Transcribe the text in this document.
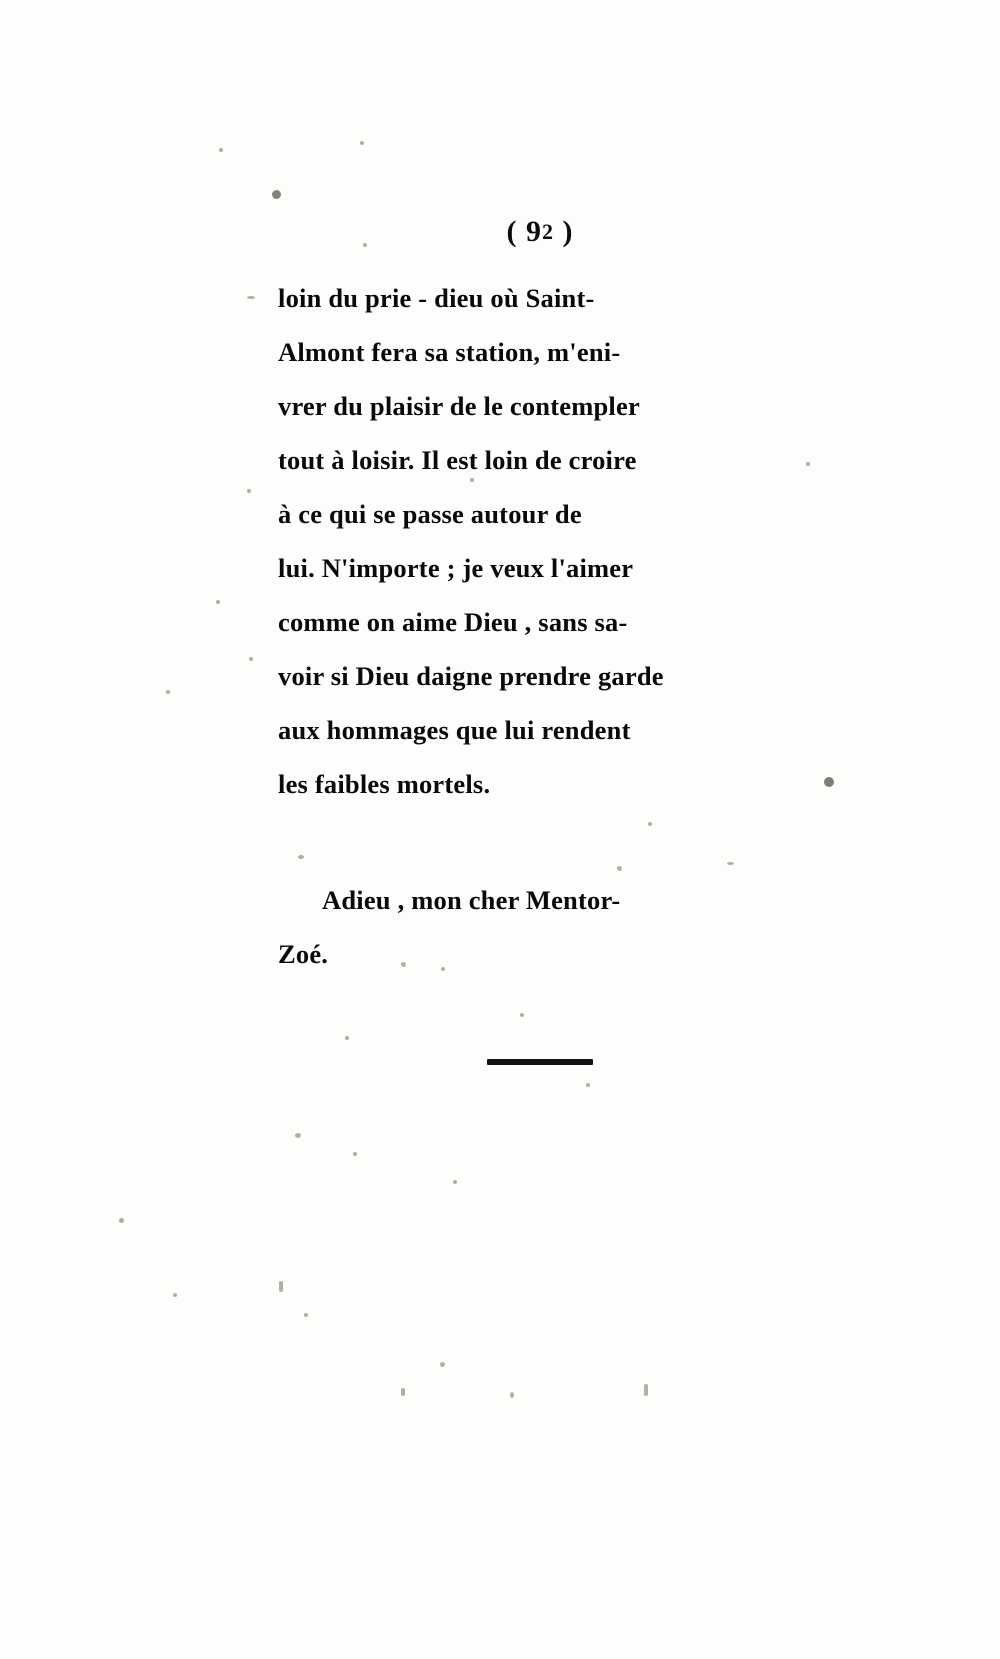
( 92 )

loin du prie - dieu où Saint-
Almont fera sa station, m'eni-
vrer du plaisir de le contempler
tout à loisir. Il est loin de croire
à ce qui se passe autour de
lui. N'importe ; je veux l'aimer
comme on aime Dieu , sans sa-
voir si Dieu daigne prendre garde
aux hommages que lui rendent
les faibles mortels.

Adieu , mon cher Mentor-
Zoé.
